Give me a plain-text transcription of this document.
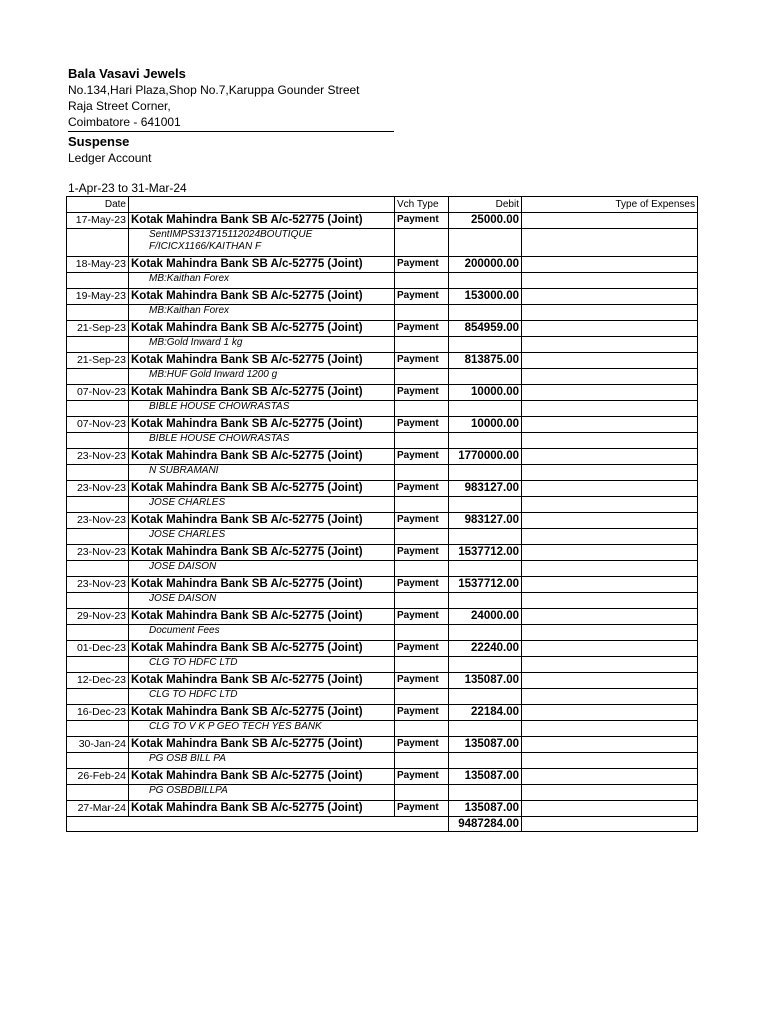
Bala Vasavi Jewels
No.134,Hari Plaza,Shop No.7,Karuppa Gounder Street
Raja Street Corner,
Coimbatore - 641001
Suspense
Ledger Account
1-Apr-23 to 31-Mar-24
Date		Vch Type	Debit	Type of Expenses
17-May-23	Kotak Mahindra Bank SB A/c-52775 (Joint)	Payment	25000.00	
	SentIMPS313715112024BOUTIQUE F/ICICX1166/KAITHAN F			
18-May-23	Kotak Mahindra Bank SB A/c-52775 (Joint)	Payment	200000.00	
	MB:Kaithan Forex			
19-May-23	Kotak Mahindra Bank SB A/c-52775 (Joint)	Payment	153000.00	
	MB:Kaithan Forex			
21-Sep-23	Kotak Mahindra Bank SB A/c-52775 (Joint)	Payment	854959.00	
	MB:Gold Inward 1 kg			
21-Sep-23	Kotak Mahindra Bank SB A/c-52775 (Joint)	Payment	813875.00	
	MB:HUF Gold Inward 1200 g			
07-Nov-23	Kotak Mahindra Bank SB A/c-52775 (Joint)	Payment	10000.00	
	BIBLE HOUSE CHOWRASTAS			
07-Nov-23	Kotak Mahindra Bank SB A/c-52775 (Joint)	Payment	10000.00	
	BIBLE HOUSE CHOWRASTAS			
23-Nov-23	Kotak Mahindra Bank SB A/c-52775 (Joint)	Payment	1770000.00	
	N SUBRAMANI			
23-Nov-23	Kotak Mahindra Bank SB A/c-52775 (Joint)	Payment	983127.00	
	JOSE CHARLES			
23-Nov-23	Kotak Mahindra Bank SB A/c-52775 (Joint)	Payment	983127.00	
	JOSE CHARLES			
23-Nov-23	Kotak Mahindra Bank SB A/c-52775 (Joint)	Payment	1537712.00	
	JOSE DAISON			
23-Nov-23	Kotak Mahindra Bank SB A/c-52775 (Joint)	Payment	1537712.00	
	JOSE DAISON			
29-Nov-23	Kotak Mahindra Bank SB A/c-52775 (Joint)	Payment	24000.00	
	Document Fees			
01-Dec-23	Kotak Mahindra Bank SB A/c-52775 (Joint)	Payment	22240.00	
	CLG TO HDFC LTD			
12-Dec-23	Kotak Mahindra Bank SB A/c-52775 (Joint)	Payment	135087.00	
	CLG TO HDFC LTD			
16-Dec-23	Kotak Mahindra Bank SB A/c-52775 (Joint)	Payment	22184.00	
	CLG TO V K P GEO TECH YES BANK			
30-Jan-24	Kotak Mahindra Bank SB A/c-52775 (Joint)	Payment	135087.00	
	PG OSB BILL PA			
26-Feb-24	Kotak Mahindra Bank SB A/c-52775 (Joint)	Payment	135087.00	
	PG OSBDBILLPA			
27-Mar-24	Kotak Mahindra Bank SB A/c-52775 (Joint)	Payment	135087.00	
			9487284.00	
